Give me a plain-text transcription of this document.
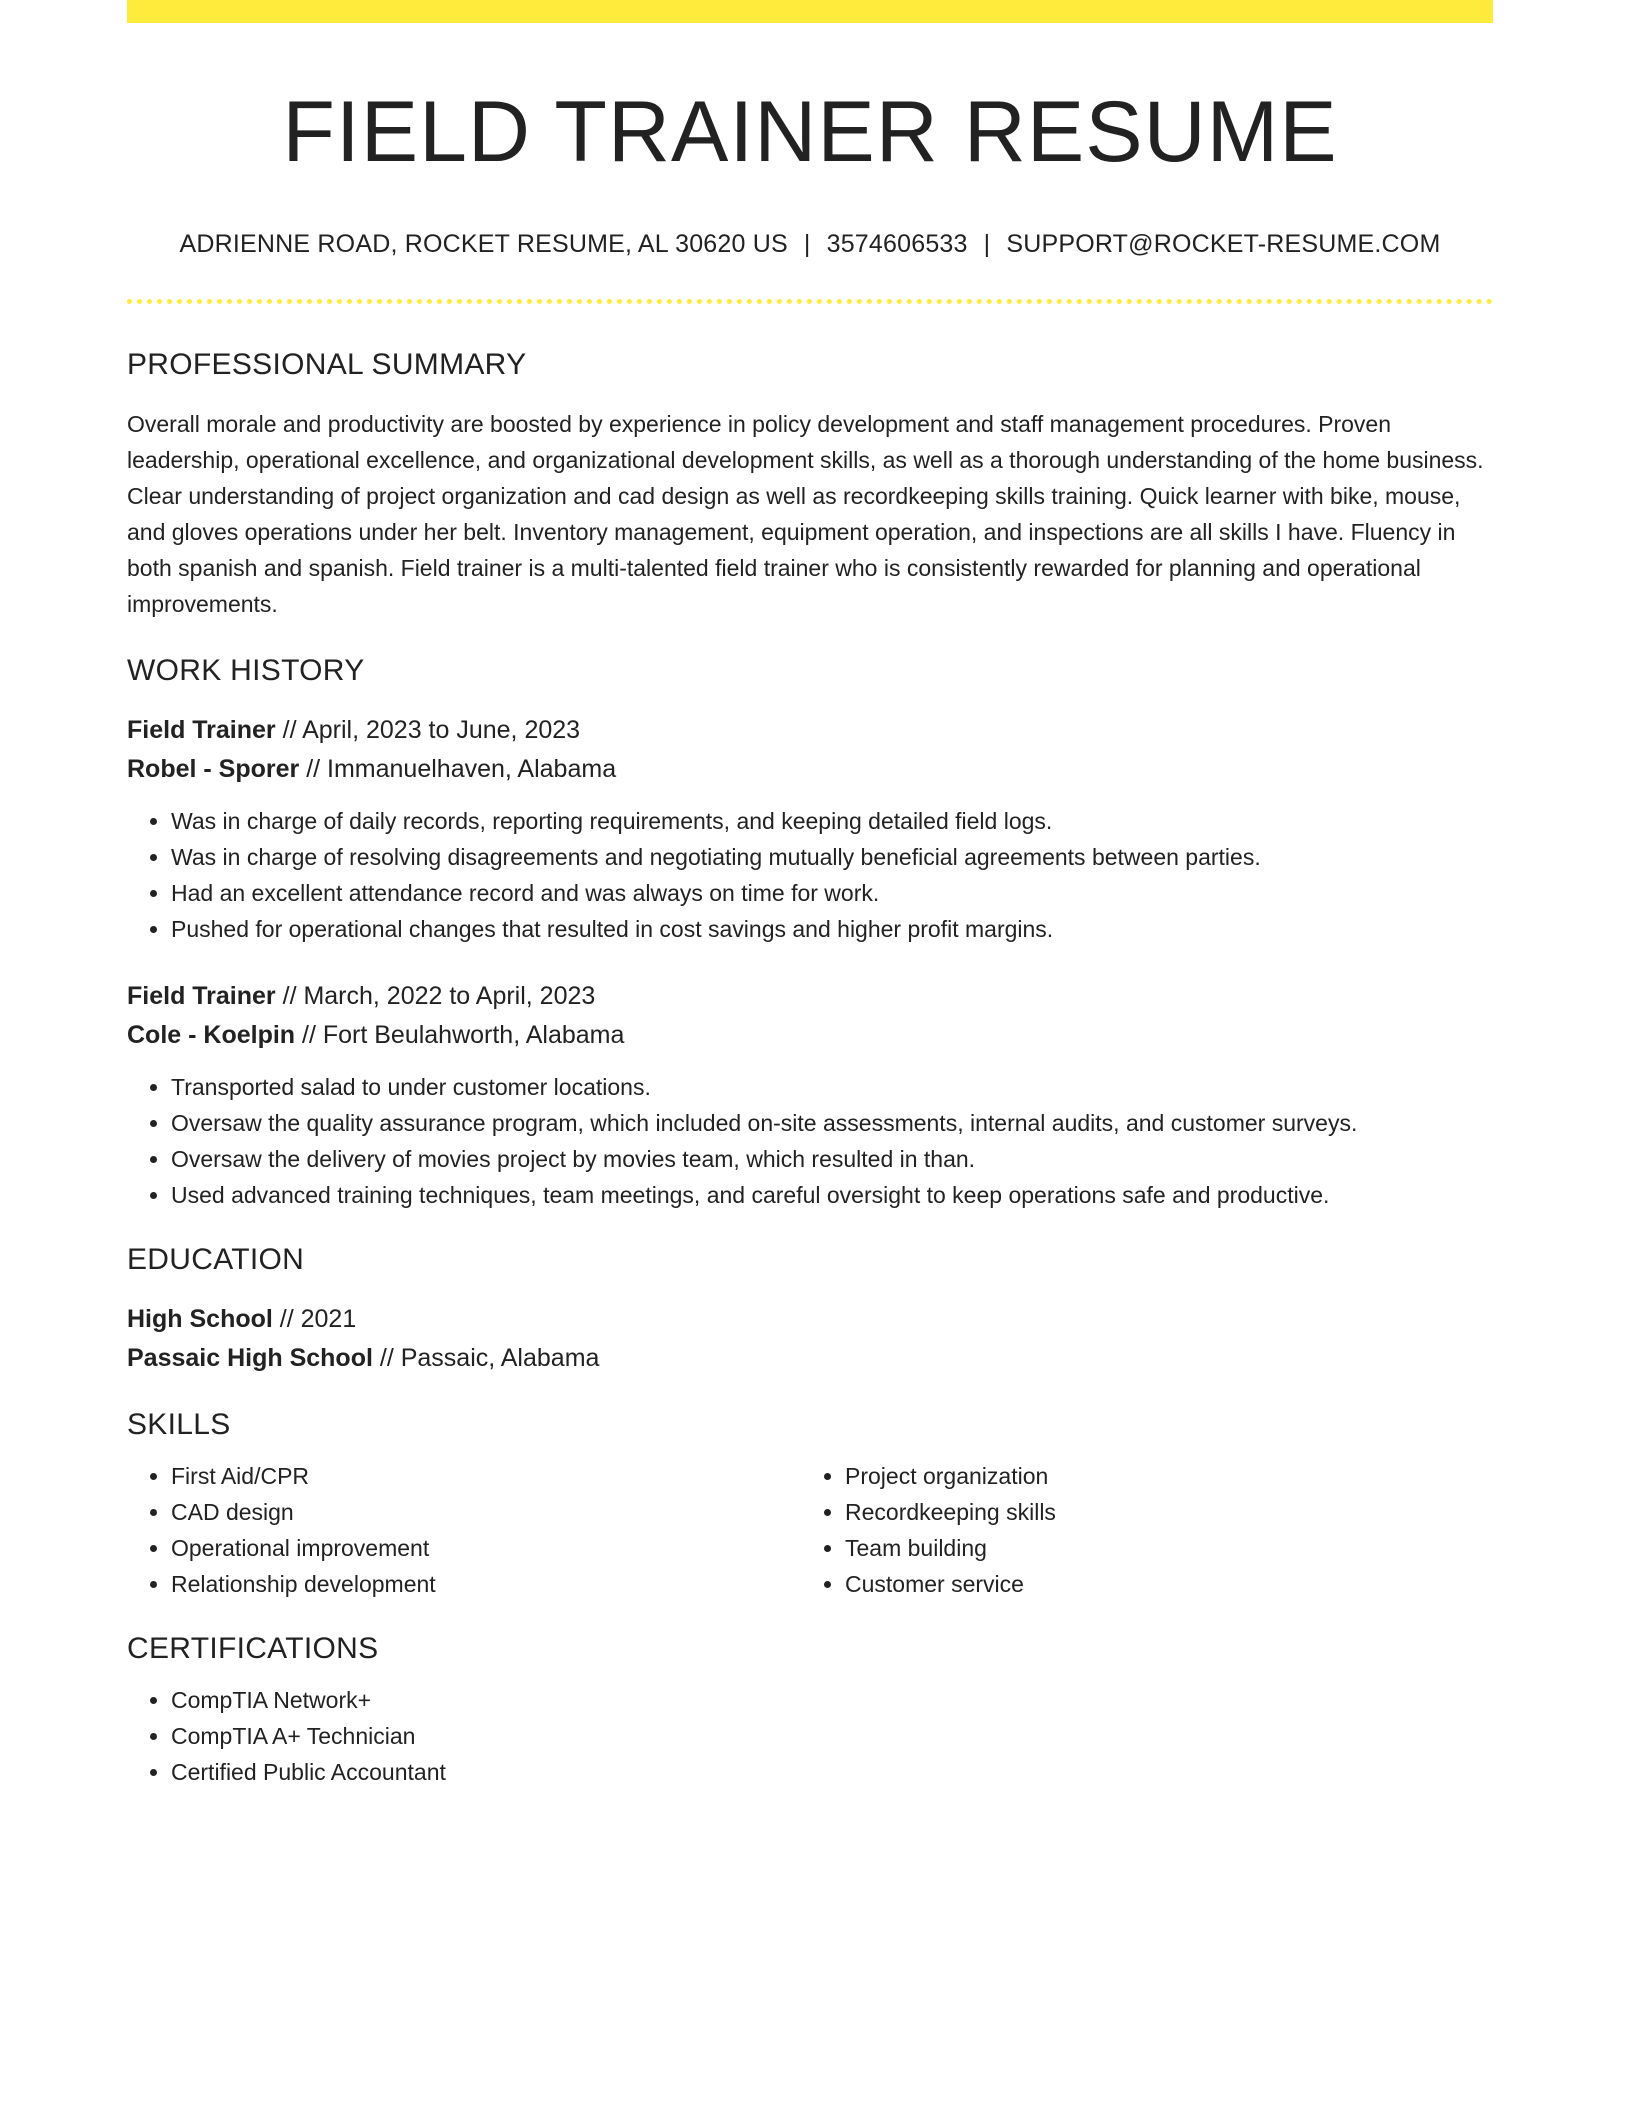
FIELD TRAINER RESUME
ADRIENNE ROAD, ROCKET RESUME, AL 30620 US | 3574606533 | SUPPORT@ROCKET-RESUME.COM
PROFESSIONAL SUMMARY

Overall morale and productivity are boosted by experience in policy development and staff management procedures. Proven leadership, operational excellence, and organizational development skills, as well as a thorough understanding of the home business. Clear understanding of project organization and cad design as well as recordkeeping skills training. Quick learner with bike, mouse, and gloves operations under her belt. Inventory management, equipment operation, and inspections are all skills I have. Fluency in both spanish and spanish. Field trainer is a multi-talented field trainer who is consistently rewarded for planning and operational improvements.

WORK HISTORY
Field Trainer // April, 2023 to June, 2023
Robel - Sporer // Immanuelhaven, Alabama
• Was in charge of daily records, reporting requirements, and keeping detailed field logs.
• Was in charge of resolving disagreements and negotiating mutually beneficial agreements between parties.
• Had an excellent attendance record and was always on time for work.
• Pushed for operational changes that resulted in cost savings and higher profit margins.
Field Trainer // March, 2022 to April, 2023
Cole - Koelpin // Fort Beulahworth, Alabama
• Transported salad to under customer locations.
• Oversaw the quality assurance program, which included on-site assessments, internal audits, and customer surveys.
• Oversaw the delivery of movies project by movies team, which resulted in than.
• Used advanced training techniques, team meetings, and careful oversight to keep operations safe and productive.
EDUCATION
High School // 2021
Passaic High School // Passaic, Alabama
SKILLS
• First Aid/CPR
• CAD design
• Operational improvement
• Relationship development
• Project organization
• Recordkeeping skills
• Team building
• Customer service
CERTIFICATIONS
• CompTIA Network+
• CompTIA A+ Technician
• Certified Public Accountant
